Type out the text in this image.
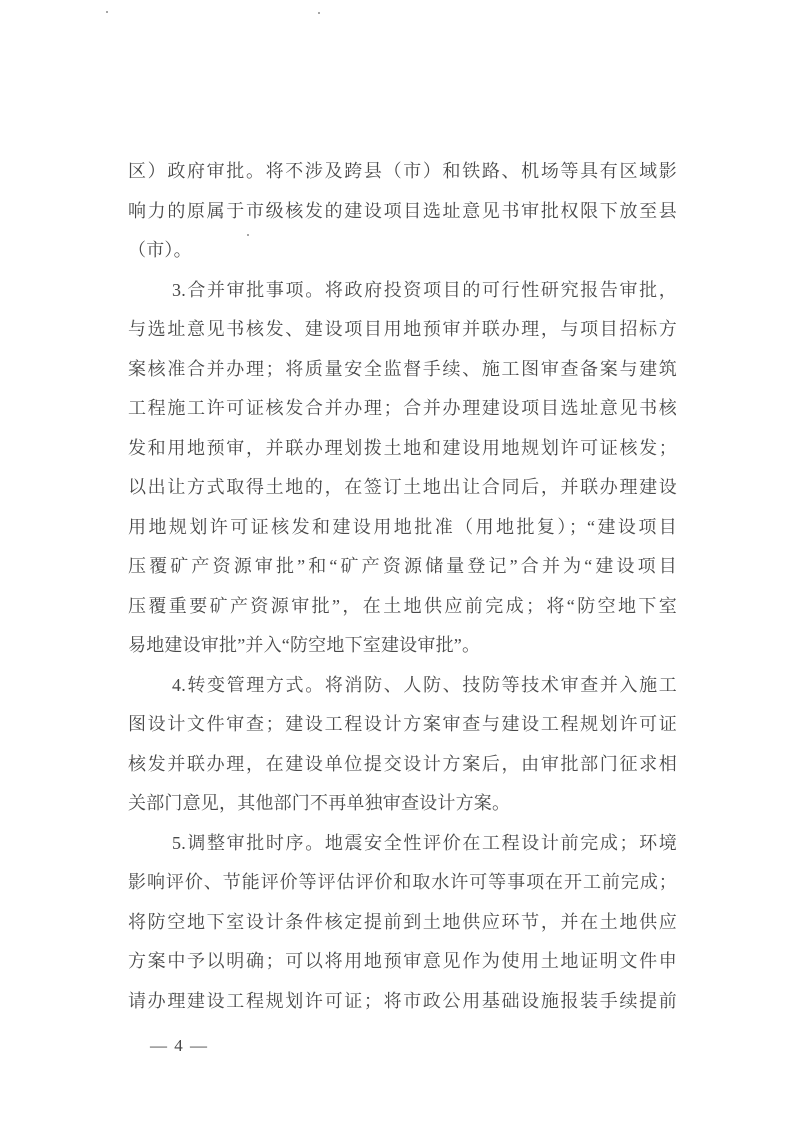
区）政府审批。将不涉及跨县（市）和铁路、机场等具有区域影
响力的原属于市级核发的建设项目选址意见书审批权限下放至县
（市）。
3.合并审批事项。将政府投资项目的可行性研究报告审批，
与选址意见书核发、建设项目用地预审并联办理，与项目招标方
案核准合并办理；将质量安全监督手续、施工图审查备案与建筑
工程施工许可证核发合并办理；合并办理建设项目选址意见书核
发和用地预审，并联办理划拨土地和建设用地规划许可证核发；
以出让方式取得土地的，在签订土地出让合同后，并联办理建设
用地规划许可证核发和建设用地批准（用地批复）；“建设项目
压覆矿产资源审批”和“矿产资源储量登记”合并为“建设项目
压覆重要矿产资源审批”，在土地供应前完成；将“防空地下室
易地建设审批”并入“防空地下室建设审批”。
4.转变管理方式。将消防、人防、技防等技术审查并入施工
图设计文件审查；建设工程设计方案审查与建设工程规划许可证
核发并联办理，在建设单位提交设计方案后，由审批部门征求相
关部门意见，其他部门不再单独审查设计方案。
5.调整审批时序。地震安全性评价在工程设计前完成；环境
影响评价、节能评价等评估评价和取水许可等事项在开工前完成；
将防空地下室设计条件核定提前到土地供应环节，并在土地供应
方案中予以明确；可以将用地预审意见作为使用土地证明文件申
请办理建设工程规划许可证；将市政公用基础设施报装手续提前
— 4 —
